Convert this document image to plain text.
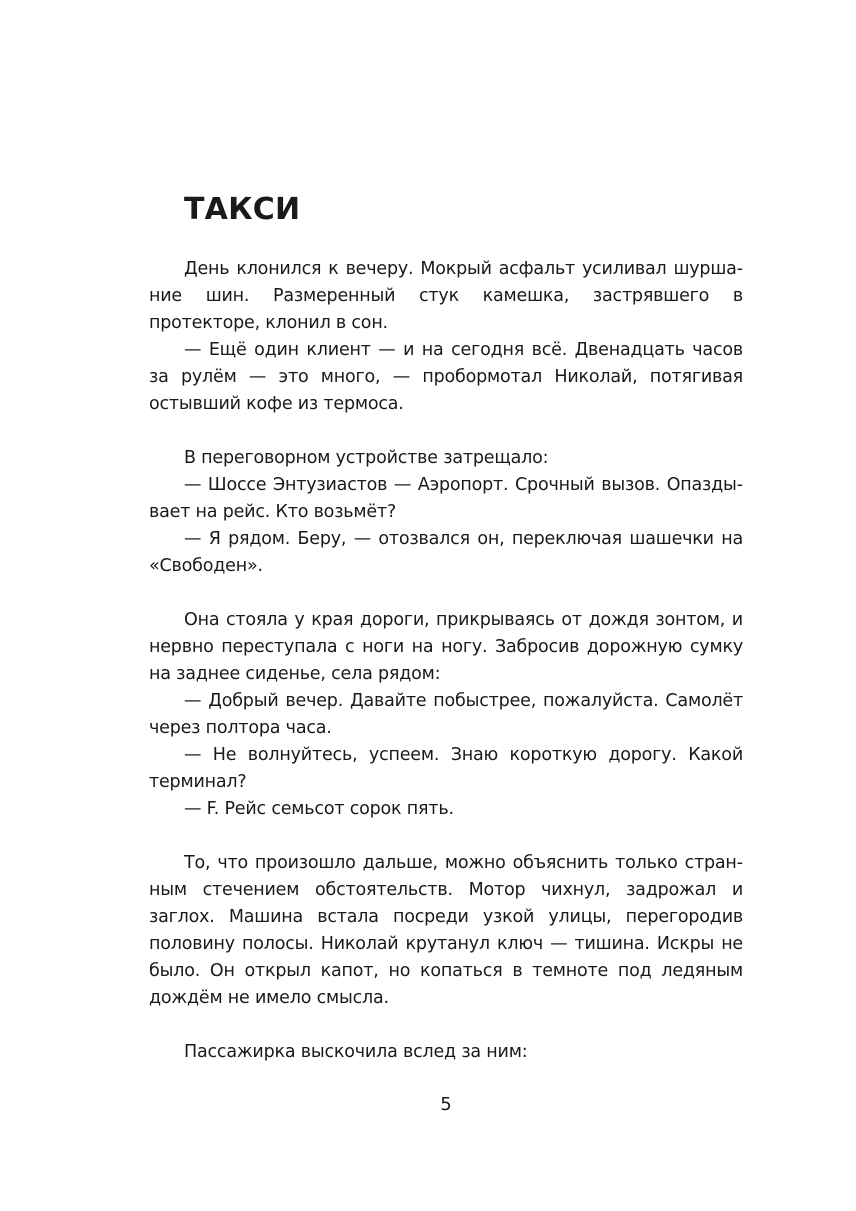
ТАКСИ

День клонился к вечеру. Мокрый асфальт усиливал шуршание шин. Размеренный стук камешка, застрявшего в протекторе, клонил в сон.

— Ещё один клиент — и на сегодня всё. Двенадцать часов за рулём — это много, — пробормотал Николай, потягивая остывший кофе из термоса.

В переговорном устройстве затрещало:

— Шоссе Энтузиастов — Аэропорт. Срочный вызов. Опаздывает на рейс. Кто возьмёт?

— Я рядом. Беру, — отозвался он, переключая шашечки на «Свободен».

Она стояла у края дороги, прикрываясь от дождя зонтом, и нервно переступала с ноги на ногу. Забросив дорожную сумку на заднее сиденье, села рядом:

— Добрый вечер. Давайте побыстрее, пожалуйста. Самолёт через полтора часа.

— Не волнуйтесь, успеем. Знаю короткую дорогу. Какой терминал?

— F. Рейс семьсот сорок пять.

То, что произошло дальше, можно объяснить только странным стечением обстоятельств. Мотор чихнул, задрожал и заглох. Машина встала посреди узкой улицы, перегородив половину полосы. Николай крутанул ключ — тишина. Искры не было. Он открыл капот, но копаться в темноте под ледяным дождём не имело смысла.

Пассажирка выскочила вслед за ним:

5
